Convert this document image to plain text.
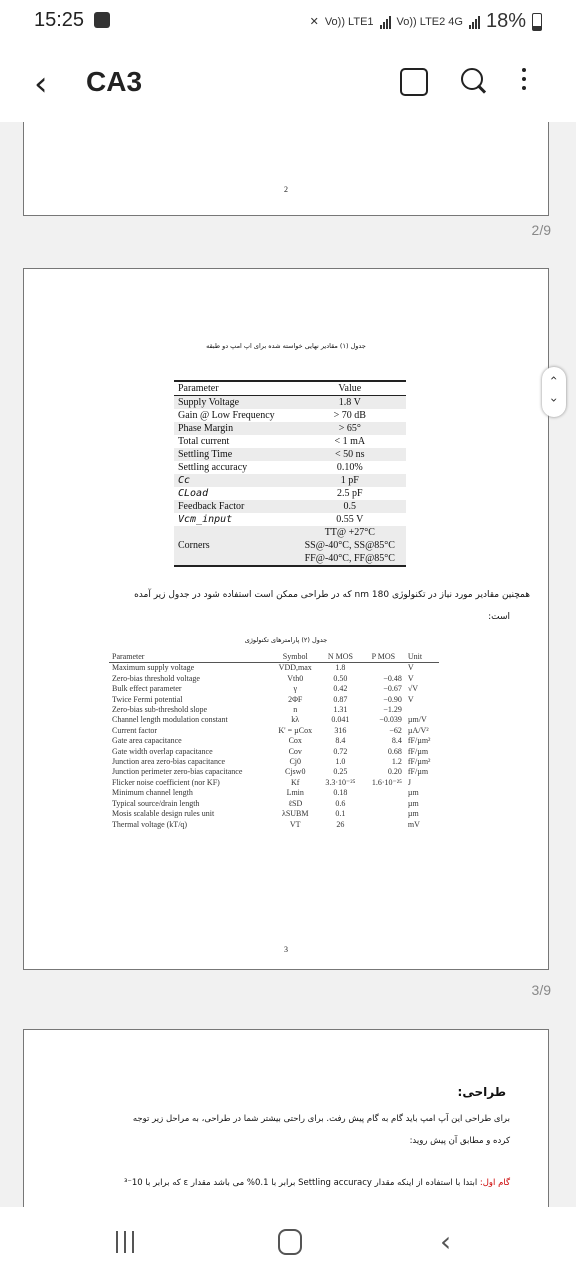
15:25	✕ Vo)) LTE1 Vo)) LTE2 4G 18%
‹ CA3
2
2/9
جدول (۱) مقادیر نهایی خواسته شده برای اپ امپ دو طبقه
Parameter	Value
Supply Voltage	1.8 V
Gain @ Low Frequency	> 70 dB
Phase Margin	> 65°
Total current	< 1 mA
Settling Time	< 50 ns
Settling accuracy	0.10%
Cc	1 pF
CLoad	2.5 pF
Feedback Factor	0.5
Vcm_input	0.55 V
Corners	TT@ +27°C
SS@-40°C, SS@85°C
FF@-40°C, FF@85°C
همچنین مقادیر مورد نیاز در تکنولوژی 180 nm که در طراحی ممکن است استفاده شود در جدول زیر آمده
است:
جدول (۲) پارامترهای تکنولوژی
Parameter	Symbol	N MOS	P MOS	Unit
Maximum supply voltage	VDD,max	1.8		V
Zero-bias threshold voltage	Vth0	0.50	−0.48	V
Bulk effect parameter	γ	0.42	−0.67	√V
Twice Fermi potential	2ΦF	0.87	−0.90	V
Zero-bias sub-threshold slope	n	1.31	−1.29	
Channel length modulation constant	kλ	0.041	−0.039	µm/V
Current factor	K' = µCox	316	−62	µA/V²
Gate area capacitance	Cox	8.4	8.4	fF/µm²
Gate width overlap capacitance	Cov	0.72	0.68	fF/µm
Junction area zero-bias capacitance	Cj0	1.0	1.2	fF/µm²
Junction perimeter zero-bias capacitance	Cjsw0	0.25	0.20	fF/µm
Flicker noise coefficient (nor KF)	Kf	3.3·10⁻²⁵	1.6·10⁻²⁵	J
Minimum channel length	Lmin	0.18		µm
Typical source/drain length	ℓSD	0.6		µm
Mosis scalable design rules unit	λSUBM	0.1		µm
Thermal voltage (kT/q)	VT	26		mV
3
3/9
طراحی:
برای طراحی این آپ امپ باید گام به گام پیش رفت. برای راحتی بیشتر شما در طراحی، به مراحل زیر توجه
کرده و مطابق آن پیش روید:
گام اول: ابتدا با استفاده از اینکه مقدار Settling accuracy برابر با 0.1% می باشد مقدار ε که برابر با 10⁻³
‹
›
‹
